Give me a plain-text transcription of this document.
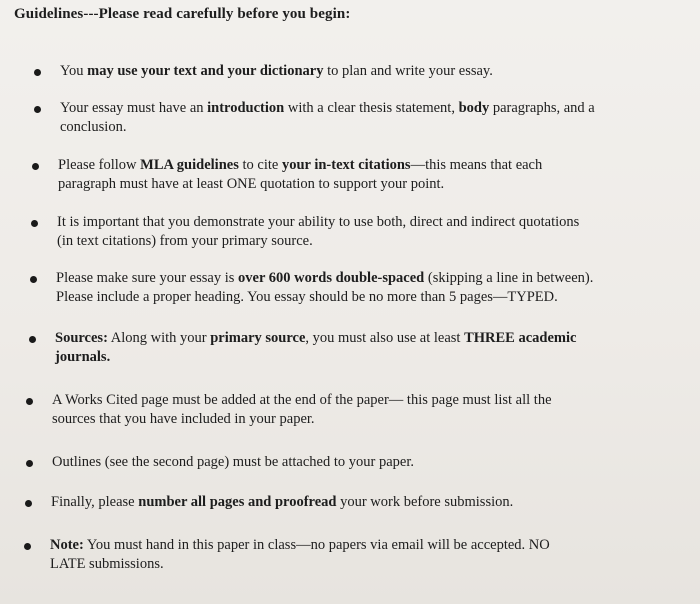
Guidelines---Please read carefully before you begin:
You may use your text and your dictionary to plan and write your essay.
Your essay must have an introduction with a clear thesis statement, body paragraphs, and a
conclusion.
Please follow MLA guidelines to cite your in-text citations—this means that each
paragraph must have at least ONE quotation to support your point.
It is important that you demonstrate your ability to use both, direct and indirect quotations
(in text citations) from your primary source.
Please make sure your essay is over 600 words double-spaced (skipping a line in between).
Please include a proper heading. You essay should be no more than 5 pages—TYPED.
Sources: Along with your primary source, you must also use at least THREE academic
journals.
A Works Cited page must be added at the end of the paper— this page must list all the
sources that you have included in your paper.
Outlines (see the second page) must be attached to your paper.
Finally, please number all pages and proofread your work before submission.
Note: You must hand in this paper in class—no papers via email will be accepted. NO
LATE submissions.
